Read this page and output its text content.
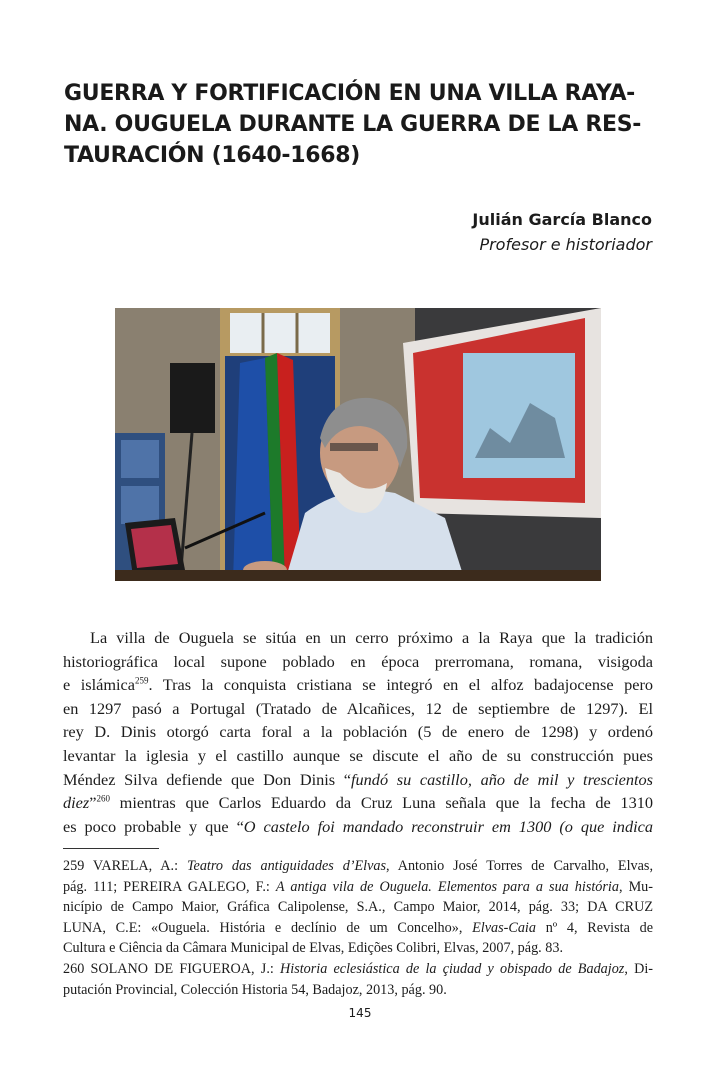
GUERRA Y FORTIFICACIÓN EN UNA VILLA RAYA-
NA. OUGUELA DURANTE LA GUERRA DE LA RES-
TAURACIÓN (1640-1668)
Julián García Blanco
Profesor e historiador
La villa de Ouguela se sitúa en un cerro próximo a la Raya que la tradición
historiográfica local supone poblado en época prerromana, romana, visigoda
e islámica$^{259}$. Tras la conquista cristiana se integró en el alfoz badajocense pero
en 1297 pasó a Portugal (Tratado de Alcañices, 12 de septiembre de 1297). El
rey D. Dinis otorgó carta foral a la población (5 de enero de 1298) y ordenó
levantar la iglesia y el castillo aunque se discute el año de su construcción pues
Méndez Silva defiende que Don Dinis “fundó su castillo, año de mil y trescientos
diez”$^{260}$ mientras que Carlos Eduardo da Cruz Luna señala que la fecha de 1310
es poco probable y que “O castelo foi mandado reconstruir em 1300 (o que indica
259 VARELA, A.: Teatro das antiguidades d’Elvas, Antonio José Torres de Carvalho, Elvas,
pág. 111; PEREIRA GALEGO, F.: A antiga vila de Ouguela. Elementos para a sua história, Mu-
nicípio de Campo Maior, Gráfica Calipolense, S.A., Campo Maior, 2014, pág. 33; DA CRUZ
LUNA, C.E: «Ouguela. História e declínio de um Concelho», Elvas-Caia nº 4, Revista de
Cultura e Ciência da Câmara Municipal de Elvas, Edições Colibri, Elvas, 2007, pág. 83.
260 SOLANO DE FIGUEROA, J.: Historia eclesiástica de la çiudad y obispado de Badajoz, Di-
putación Provincial, Colección Historia 54, Badajoz, 2013, pág. 90.
145
